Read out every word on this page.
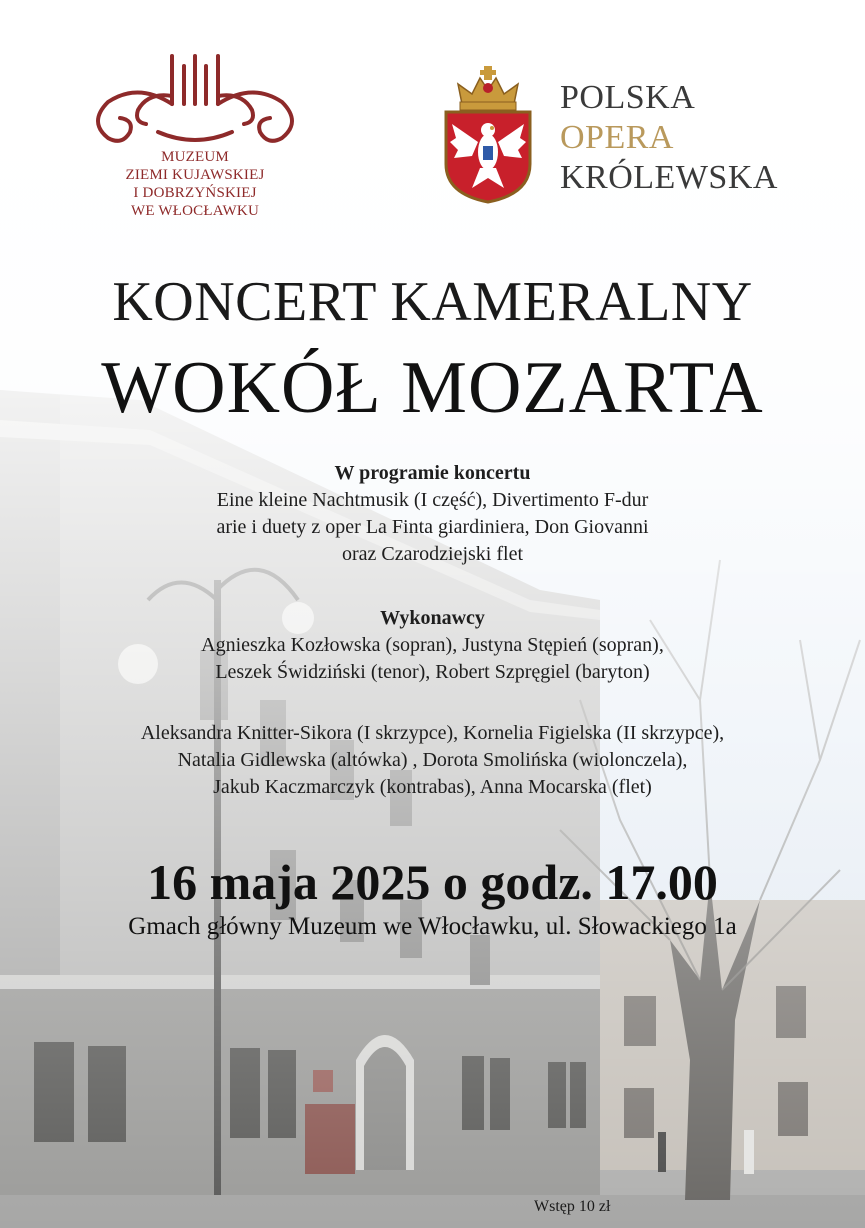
MUZEUM
ZIEMI KUJAWSKIEJ
I DOBRZYŃSKIEJ
WE WŁOCŁAWKU
POLSKA
OPERA
KRÓLEWSKA
KONCERT KAMERALNY
WOKÓŁ MOZARTA
W programie koncertu
Eine kleine Nachtmusik (I część), Divertimento F-dur
arie i duety z oper La Finta giardiniera, Don Giovanni
oraz Czarodziejski flet
Wykonawcy
Agnieszka Kozłowska (sopran), Justyna Stępień (sopran),
Leszek Świdziński (tenor), Robert Szpręgiel (baryton)
Aleksandra Knitter-Sikora (I skrzypce), Kornelia Figielska (II skrzypce),
Natalia Gidlewska (altówka) , Dorota Smolińska (wiolonczela),
Jakub Kaczmarczyk (kontrabas), Anna Mocarska (flet)
16 maja 2025 o godz. 17.00
Gmach główny Muzeum we Włocławku, ul. Słowackiego 1a
Wstęp 10 zł
